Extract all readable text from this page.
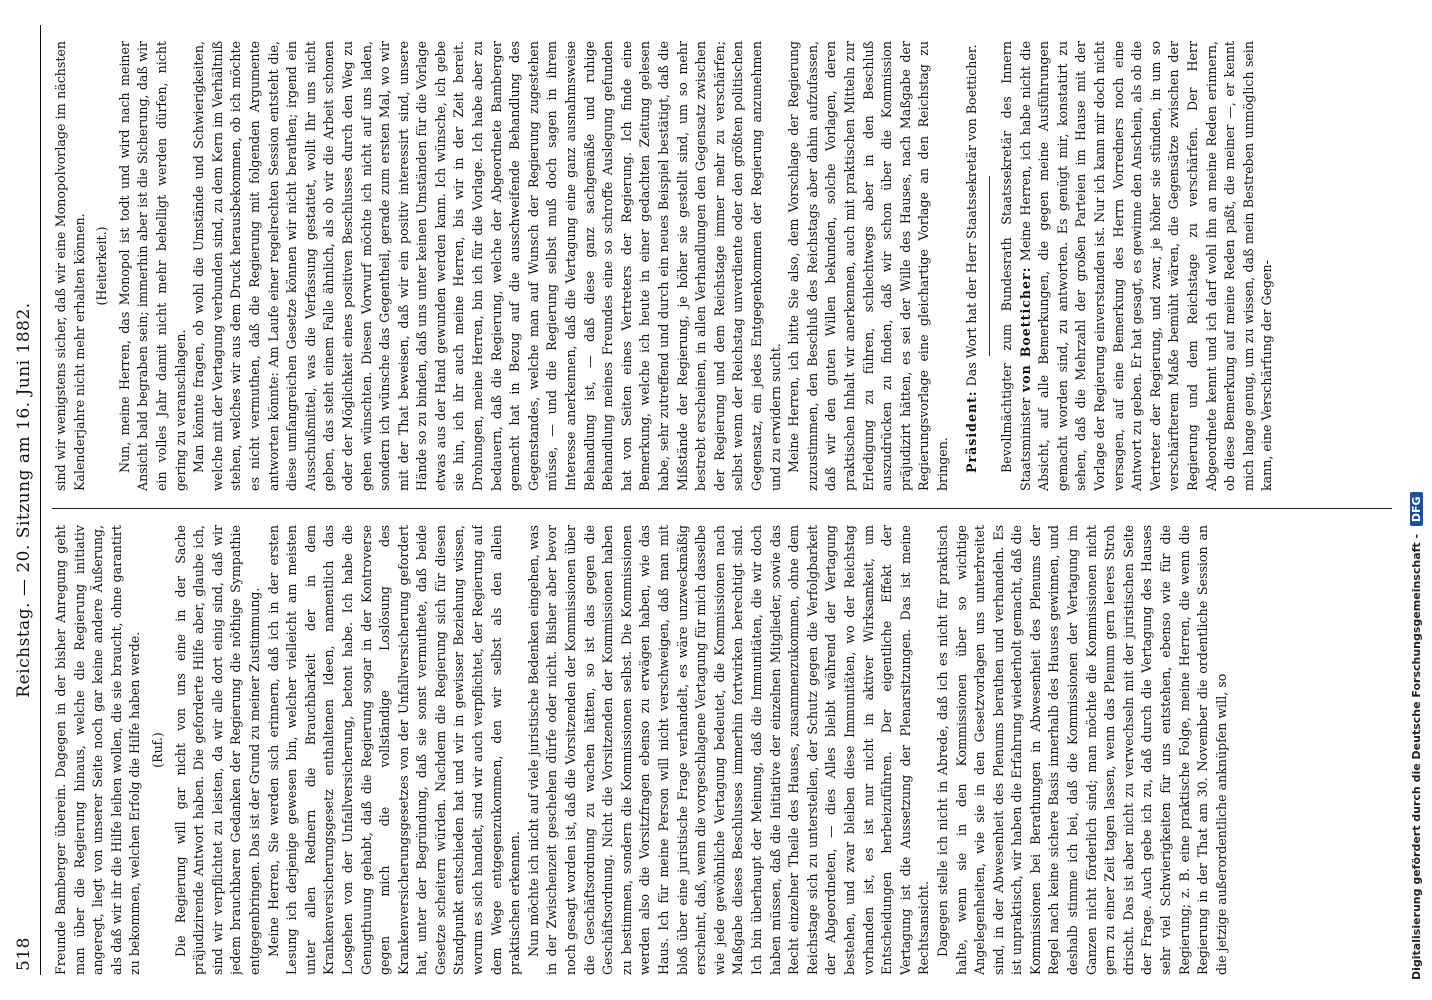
518
Reichstag. — 20. Sitzung am 16. Juni 1882.

Freunde Bamberger überein. Dagegen in der bisher Anregung geht man über die Regierung hinaus, welche die Regierung initiativ angeregt, liegt von unserer Seite noch gar keine andere Äußerung, als daß wir ihr die Hilfe leihen wollen, die sie braucht, ohne garantirt zu bekommen, welchen Erfolg die Hilfe haben werde. (Ruf.) Die Regierung will gar nicht von uns eine in der Sache präjudizirende Antwort haben. Die geforderte Hilfe aber, glaube ich, sind wir verpflichtet zu leisten, da wir alle dort einig sind, daß wir jedem brauchbaren Gedanken der Regierung die nöthige Sympathie entgegenbringen. Das ist der Grund zu meiner Zustimmung. Meine Herren, Sie werden sich erinnern, daß ich in der ersten Lesung ich derjenige gewesen bin, welcher vielleicht am meisten unter allen Rednern die Brauchbarkeit der in dem Krankenversicherungsgesetz enthaltenen Ideen, namentlich das Losgehen von der Unfallversicherung, betont habe. Ich habe die Genugthuung gehabt, daß die Regierung sogar in der Kontroverse gegen mich die vollständige Loslösung des Krankenversicherungsgesetzes von der Unfallversicherung gefordert hat, unter der Begründung, daß sie sonst vermuthete, daß beide Gesetze scheitern würden. Nachdem die Regierung sich für diesen Standpunkt entschieden hat und wir in gewisser Beziehung wissen, worum es sich handelt, sind wir auch verpflichtet, der Regierung auf dem Wege entgegenzukommen, den wir selbst als den allein praktischen erkennen. Nun möchte ich nicht auf viele juristische Bedenken eingehen, was in der Zwischenzeit geschehen dürfe oder nicht. Bisher aber bevor noch gesagt worden ist, daß die Vorsitzenden der Kommissionen über die Geschäftsordnung zu wachen hätten, so ist das gegen die Geschäftsordnung. Nicht die Vorsitzenden der Kommissionen haben zu bestimmen, sondern die Kommissionen selbst. Die Kommissionen werden also die Vorsitzfragen ebenso zu erwägen haben, wie das Haus. Ich für meine Person will nicht verschweigen, daß man mit bloß über eine juristische Frage verhandelt, es wäre unzweckmäßig erscheint, daß, wenn die vorgeschlagene Vertagung für mich dasselbe wie jede gewöhnliche Vertagung bedeutet, die Kommissionen nach Maßgabe dieses Beschlusses immerhin fortwirken berechtigt sind. Ich bin überhaupt der Meinung, daß die Immunitäten, die wir doch haben müssen, daß die Initiative der einzelnen Mitglieder, sowie das Recht einzelner Theile des Hauses, zusammenzukommen, ohne dem Reichstage sich zu unterstellen, der Schutz gegen die Verfolgbarkeit der Abgeordneten, — dies Alles bleibt während der Vertagung bestehen, und zwar bleiben diese Immunitäten, wo der Reichstag vorhanden ist, es ist nur nicht in aktiver Wirksamkeit, um Entscheidungen herbeizuführen. Der eigentliche Effekt der Vertagung ist die Aussetzung der Plenarsitzungen. Das ist meine Rechtsansicht. Dagegen stelle ich nicht in Abrede, daß ich es nicht für praktisch halte, wenn sie in den Kommissionen über so wichtige Angelegenheiten, wie sie in den Gesetzvorlagen uns unterbreitet sind, in der Abwesenheit des Plenums berathen und verhandeln. Es ist unpraktisch, wir haben die Erfahrung wiederholt gemacht, daß die Kommissionen bei Berathungen in Abwesenheit des Plenums der Regel nach keine sichere Basis innerhalb des Hauses gewinnen, und deshalb stimme ich bei, daß die Kommissionen der Vertagung im Ganzen nicht förderlich sind; man möchte die Kommissionen nicht gern zu einer Zeit tagen lassen, wenn das Plenum gern leeres Stroh drischt. Das ist aber nicht zu verwechseln mit der juristischen Seite der Frage. Auch gebe ich zu, daß durch die Vertagung des Hauses sehr viel Schwierigkeiten für uns entstehen, ebenso wie für die Regierung; z. B. eine praktische Folge, meine Herren, die wenn die Regierung in der That am 30. November die ordentliche Session an die jetzige außerordentliche anknüpfen will, so

sind wir wenigstens sicher, daß wir eine Monopolvorlage im nächsten Kalenderjahre nicht mehr erhalten können. (Heiterkeit.) Nun, meine Herren, das Monopol ist todt und wird nach meiner Ansicht bald begraben sein; immerhin aber ist die Sicherung, daß wir ein volles Jahr damit nicht mehr behelligt werden dürfen, nicht gering zu veranschlagen. Man könnte fragen, ob wohl die Umstände und Schwierigkeiten, welche mit der Vertagung verbunden sind, zu dem Kern im Verhältniß stehen, welches wir aus dem Druck herausbekommen, ob ich möchte es nicht vermuthen, daß die Regierung mit folgenden Argumente antworten könnte: Am Laufe einer regelrechten Session entsteht die, diese umfangreichen Gesetze können wir nicht berathen; irgend ein Ausschußmittel, was die Verfassung gestattet, wollt Ihr uns nicht geben, das steht einem Falle ähnlich, als ob wir die Arbeit schonen oder der Möglichkeit eines positiven Beschlusses durch den Weg zu gehen wünschten. Diesen Vorwurf möchte ich nicht auf uns laden, sondern ich wünsche das Gegentheil, gerade zum ersten Mal, wo wir mit der That beweisen, daß wir ein positiv interessirt sind, unsere Hände so zu binden, daß uns unter keinen Umständen für die Vorlage etwas aus der Hand gewunden werden kann. Ich wünsche, ich gebe sie hin, ich ihr auch meine Herren, bis wir in der Zeit bereit. Drohungen, meine Herren, bin ich für die Vorlage. Ich habe aber zu bedauern, daß die Regierung, welche der Abgeordnete Bamberger gemacht hat in Bezug auf die ausschweifende Behandlung des Gegenstandes, welche man auf Wunsch der Regierung zugestehen müsse, — und die Regierung selbst muß doch sagen in ihrem Interesse anerkennen, daß die Vertagung eine ganz ausnahmsweise Behandlung ist, — daß diese ganz sachgemäße und ruhige Behandlung meines Freundes eine so schroffe Auslegung gefunden hat von Seiten eines Vertreters der Regierung. Ich finde eine Bemerkung, welche ich heute in einer gedachten Zeitung gelesen habe, sehr zutreffend und durch ein neues Beispiel bestätigt, daß die Mißstände der Regierung, je höher sie gestellt sind, um so mehr bestrebt erscheinen, in allen Verhandlungen den Gegensatz zwischen der Regierung und dem Reichstage immer mehr zu verschärfen; selbst wenn der Reichstag unverdiente oder den größten politischen Gegensatz, ein jedes Entgegenkommen der Regierung anzunehmen und zu erwidern sucht. Meine Herren, ich bitte Sie also, dem Vorschlage der Regierung zuzustimmen, den Beschluß des Reichstags aber dahin aufzufassen, daß wir den guten Willen bekunden, solche Vorlagen, deren praktischen Inhalt wir anerkennen, auch mit praktischen Mitteln zur Erledigung zu führen, schlechtwegs aber in den Beschluß auszudrücken zu finden, daß wir schon über die Kommission präjudizirt hätten, es sei der Wille des Hauses, nach Maßgabe der Regierungsvorlage eine gleichartige Vorlage an den Reichstag zu bringen. Präsident: Das Wort hat der Herr Staatssekretär von Boetticher. Bevollmächtigter zum Bundesrath Staatssekretär des Innern Staatsminister von Boetticher: Meine Herren, ich habe nicht die Absicht, auf alle Bemerkungen, die gegen meine Ausführungen gemacht worden sind, zu antworten. Es genügt mir, konstatirt zu sehen, daß die Mehrzahl der großen Parteien im Hause mit der Vorlage der Regierung einverstanden ist. Nur ich kann mir doch nicht versagen, auf eine Bemerkung des Herrn Vorredners noch eine Antwort zu geben. Er hat gesagt, es gewinne den Anschein, als ob die Vertreter der Regierung, und zwar, je höher sie stünden, in um so verschärfterem Maße bemüht wären, die Gegensätze zwischen der Regierung und dem Reichstage zu verschärfen. Der Herr Abgeordnete kennt und ich darf wohl ihn an meine Reden erinnern, ob diese Bemerkung auf meine Reden paßt, die meiner —, er kennt mich lange genug, um zu wissen, daß mein Bestreben unmöglich sein kann, eine Verschärfung der Gegen-

Digitalisierung gefördert durch die Deutsche Forschungsgemeinschaft - DFG
